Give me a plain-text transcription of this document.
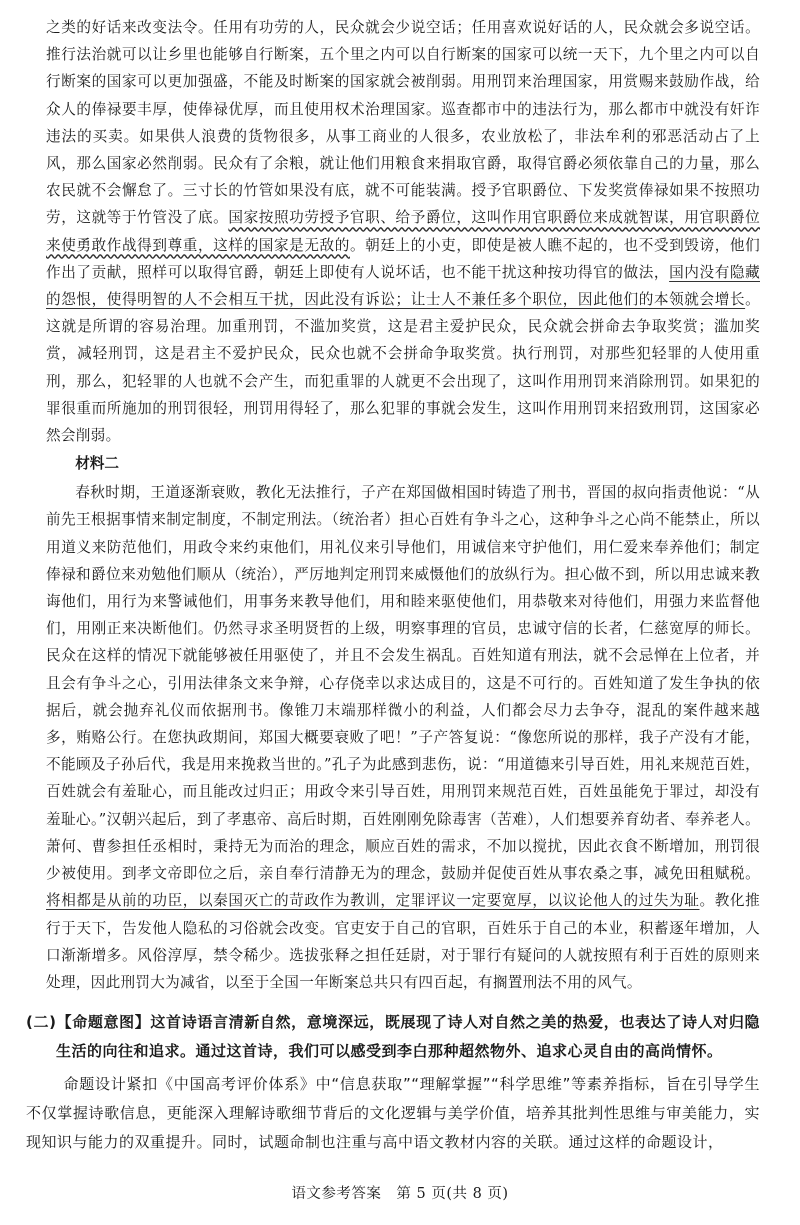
之类的好话来改变法令。任用有功劳的人，民众就会少说空话；任用喜欢说好话的人，民众就会多说空话。推行法治就可以让乡里也能够自行断案，五个里之内可以自行断案的国家可以统一天下，九个里之内可以自行断案的国家可以更加强盛，不能及时断案的国家就会被削弱。用刑罚来治理国家，用赏赐来鼓励作战，给众人的俸禄要丰厚，使俸禄优厚，而且使用权术治理国家。巡查都市中的违法行为，那么都市中就没有奸诈违法的买卖。如果供人浪费的货物很多，从事工商业的人很多，农业放松了，非法牟利的邪恶活动占了上风，那么国家必然削弱。民众有了余粮，就让他们用粮食来捐取官爵，取得官爵必须依靠自己的力量，那么农民就不会懈怠了。三寸长的竹管如果没有底，就不可能装满。授予官职爵位、下发奖赏俸禄如果不按照功劳，这就等于竹管没了底。国家按照功劳授予官职、给予爵位，这叫作用官职爵位来成就智谋，用官职爵位来使勇敢作战得到尊重，这样的国家是无敌的。朝廷上的小吏，即使是被人瞧不起的，也不受到毁谤，他们作出了贡献，照样可以取得官爵，朝廷上即使有人说坏话，也不能干扰这种按功得官的做法，国内没有隐藏的怨恨，使得明智的人不会相互干扰，因此没有诉讼；让士人不兼任多个职位，因此他们的本领就会增长。这就是所谓的容易治理。加重刑罚，不滥加奖赏，这是君主爱护民众，民众就会拼命去争取奖赏；滥加奖赏，减轻刑罚，这是君主不爱护民众，民众也就不会拼命争取奖赏。执行刑罚，对那些犯轻罪的人使用重刑，那么，犯轻罪的人也就不会产生，而犯重罪的人就更不会出现了，这叫作用刑罚来消除刑罚。如果犯的罪很重而所施加的刑罚很轻，刑罚用得轻了，那么犯罪的事就会发生，这叫作用刑罚来招致刑罚，这国家必然会削弱。

材料二

春秋时期，王道逐渐衰败，教化无法推行，子产在郑国做相国时铸造了刑书，晋国的叔向指责他说：“从前先王根据事情来制定制度，不制定刑法。（统治者）担心百姓有争斗之心，这种争斗之心尚不能禁止，所以用道义来防范他们，用政令来约束他们，用礼仪来引导他们，用诚信来守护他们，用仁爱来奉养他们；制定俸禄和爵位来劝勉他们顺从（统治），严厉地判定刑罚来威慑他们的放纵行为。担心做不到，所以用忠诚来教诲他们，用行为来警诫他们，用事务来教导他们，用和睦来驱使他们，用恭敬来对待他们，用强力来监督他们，用刚正来决断他们。仍然寻求圣明贤哲的上级，明察事理的官员，忠诚守信的长者，仁慈宽厚的师长。民众在这样的情况下就能够被任用驱使了，并且不会发生祸乱。百姓知道有刑法，就不会忌惮在上位者，并且会有争斗之心，引用法律条文来争辩，心存侥幸以求达成目的，这是不可行的。百姓知道了发生争执的依据后，就会抛弃礼仪而依据刑书。像锥刀末端那样微小的利益，人们都会尽力去争夺，混乱的案件越来越多，贿赂公行。在您执政期间，郑国大概要衰败了吧！”子产答复说：“像您所说的那样，我子产没有才能，不能顾及子孙后代，我是用来挽救当世的。”孔子为此感到悲伤，说：“用道德来引导百姓，用礼来规范百姓，百姓就会有羞耻心，而且能改过归正；用政令来引导百姓，用刑罚来规范百姓，百姓虽能免于罪过，却没有羞耻心。”汉朝兴起后，到了孝惠帝、高后时期，百姓刚刚免除毒害（苦难），人们想要养育幼者、奉养老人。萧何、曹参担任丞相时，秉持无为而治的理念，顺应百姓的需求，不加以搅扰，因此衣食不断增加，刑罚很少被使用。到孝文帝即位之后，亲自奉行清静无为的理念，鼓励并促使百姓从事农桑之事，减免田租赋税。将相都是从前的功臣，以秦国灭亡的苛政作为教训，定罪评议一定要宽厚，以议论他人的过失为耻。教化推行于天下，告发他人隐私的习俗就会改变。官吏安于自己的官职，百姓乐于自己的本业，积蓄逐年增加，人口渐渐增多。风俗淳厚，禁令稀少。选拔张释之担任廷尉，对于罪行有疑问的人就按照有利于百姓的原则来处理，因此刑罚大为减省，以至于全国一年断案总共只有四百起，有搁置刑法不用的风气。

(二)【命题意图】这首诗语言清新自然，意境深远，既展现了诗人对自然之美的热爱，也表达了诗人对归隐生活的向往和追求。通过这首诗，我们可以感受到李白那种超然物外、追求心灵自由的高尚情怀。

命题设计紧扣《中国高考评价体系》中“信息获取”“理解掌握”“科学思维”等素养指标，旨在引导学生不仅掌握诗歌信息，更能深入理解诗歌细节背后的文化逻辑与美学价值，培养其批判性思维与审美能力，实现知识与能力的双重提升。同时，试题命制也注重与高中语文教材内容的关联。通过这样的命题设计，

语文参考答案　第 5 页(共 8 页)
